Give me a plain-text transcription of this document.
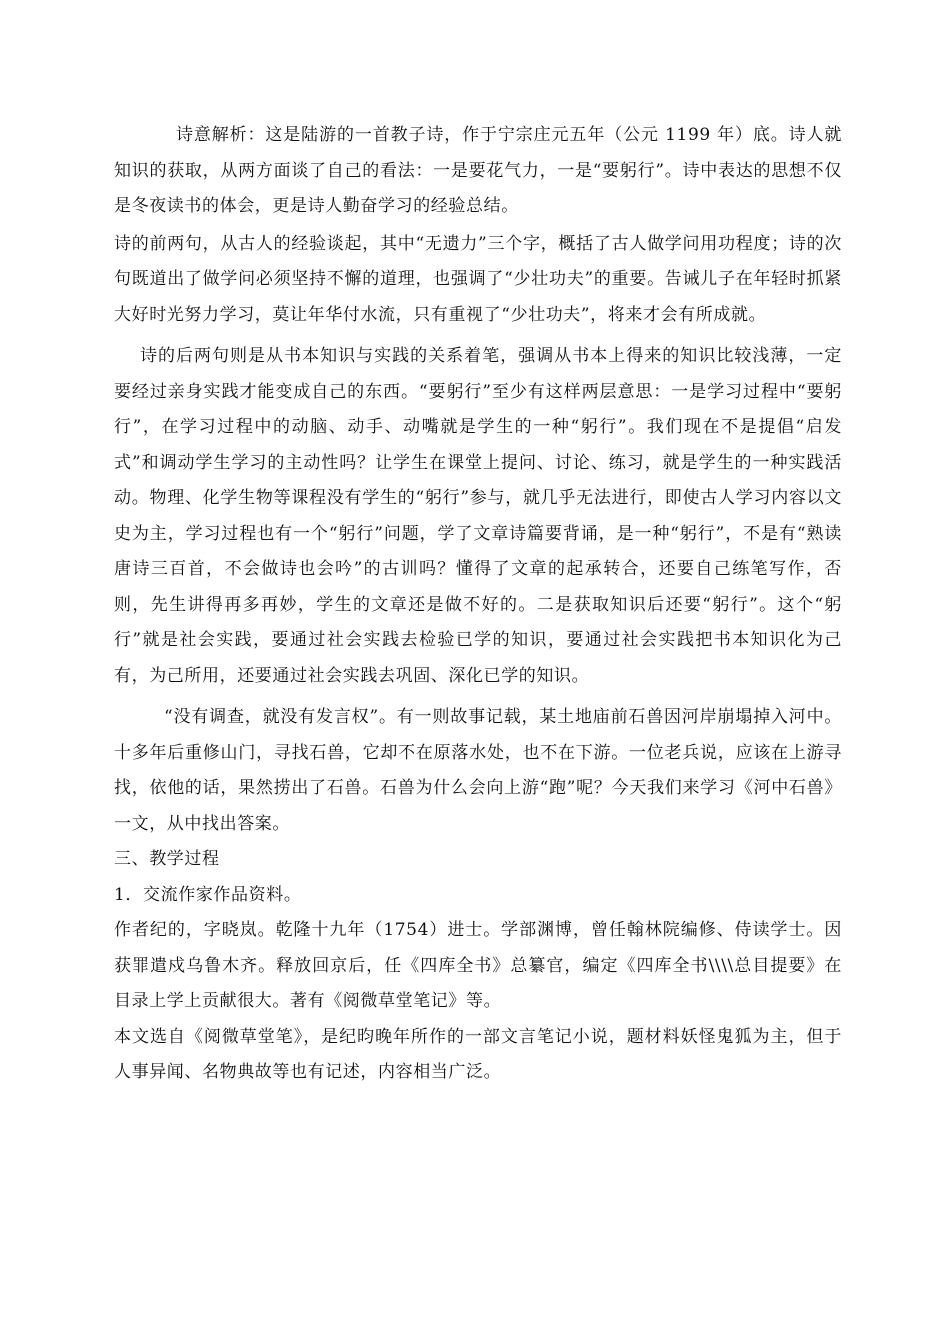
诗意解析：这是陆游的一首教子诗，作于宁宗庄元五年（公元 1199 年）底。诗人就知识的获取，从两方面谈了自己的看法：一是要花气力，一是“要躬行”。诗中表达的思想不仅是冬夜读书的体会，更是诗人勤奋学习的经验总结。

诗的前两句，从古人的经验谈起，其中“无遗力”三个字，概括了古人做学问用功程度；诗的次句既道出了做学问必须坚持不懈的道理，也强调了“少壮功夫”的重要。告诫儿子在年轻时抓紧大好时光努力学习，莫让年华付水流，只有重视了“少壮功夫”，将来才会有所成就。

诗的后两句则是从书本知识与实践的关系着笔，强调从书本上得来的知识比较浅薄，一定要经过亲身实践才能变成自己的东西。“要躬行”至少有这样两层意思：一是学习过程中“要躬行”，在学习过程中的动脑、动手、动嘴就是学生的一种“躬行”。我们现在不是提倡“启发式”和调动学生学习的主动性吗？让学生在课堂上提问、讨论、练习，就是学生的一种实践活动。物理、化学生物等课程没有学生的“躬行”参与，就几乎无法进行，即使古人学习内容以文史为主，学习过程也有一个“躬行”问题，学了文章诗篇要背诵，是一种“躬行”，不是有“熟读唐诗三百首，不会做诗也会吟”的古训吗？懂得了文章的起承转合，还要自己练笔写作，否则，先生讲得再多再妙，学生的文章还是做不好的。二是获取知识后还要“躬行”。这个“躬行”就是社会实践，要通过社会实践去检验已学的知识，要通过社会实践把书本知识化为己有，为己所用，还要通过社会实践去巩固、深化已学的知识。

“没有调查，就没有发言权”。有一则故事记载，某土地庙前石兽因河岸崩塌掉入河中。十多年后重修山门，寻找石兽，它却不在原落水处，也不在下游。一位老兵说，应该在上游寻找，依他的话，果然捞出了石兽。石兽为什么会向上游“跑”呢？今天我们来学习《河中石兽》一文，从中找出答案。

三、教学过程

1．交流作家作品资料。

作者纪的，字晓岚。乾隆十九年（1754）进士。学部渊博，曾任翰林院编修、侍读学士。因获罪遣戍乌鲁木齐。释放回京后，任《四库全书》总纂官，编定《四库全书\\\\总目提要》在目录上学上贡献很大。著有《阅微草堂笔记》等。

本文选自《阅微草堂笔》，是纪昀晚年所作的一部文言笔记小说，题材料妖怪鬼狐为主，但于人事异闻、名物典故等也有记述，内容相当广泛。
